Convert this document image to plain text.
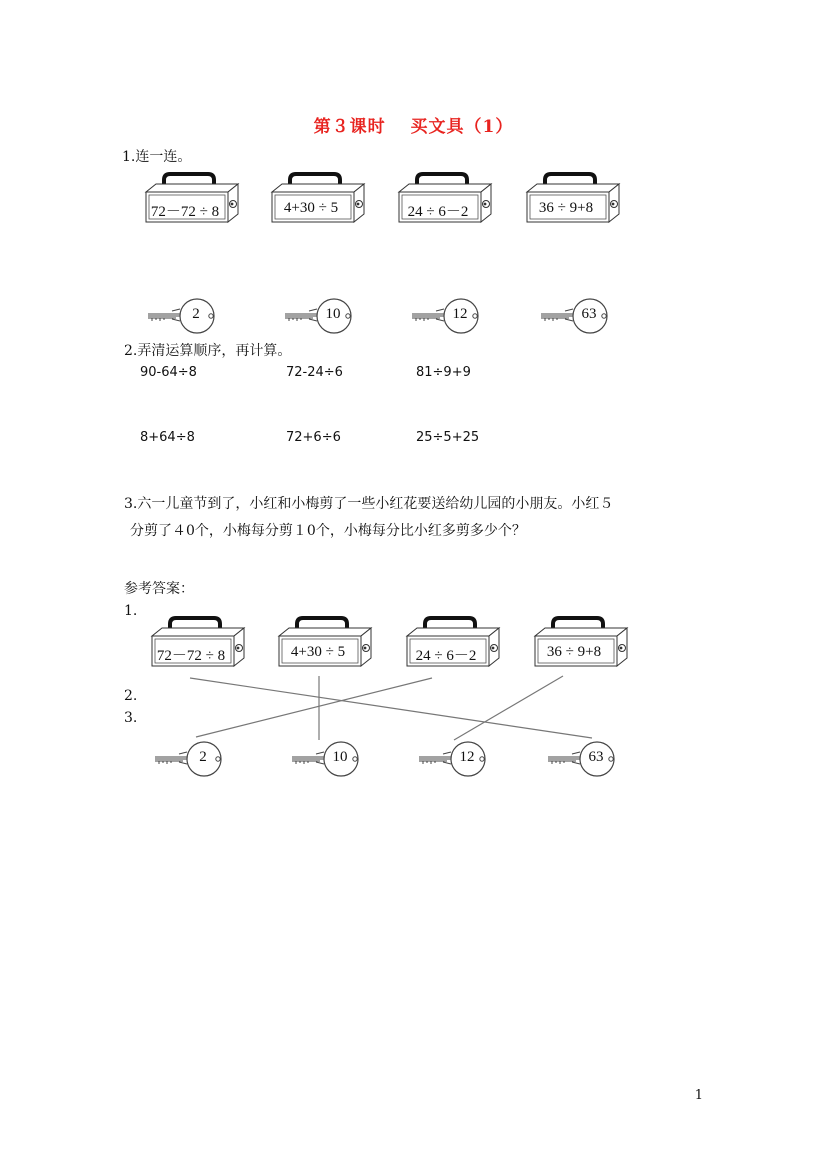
第３课时　 买文具（1）
1.连一连。
72－72 ÷ 8	4+30 ÷ 5	24 ÷ 6－2	36 ÷ 9+8
2	10	12	63
2.弄清运算顺序，再计算。
90-64÷8	72-24÷6	81÷9+9
8+64÷8	72+6÷6	25÷5+25
3.六一儿童节到了，小红和小梅剪了一些小红花要送给幼儿园的小朋友。小红５
分剪了４0个，小梅每分剪１0个，小梅每分比小红多剪多少个？
参考答案：
1.
2.
3.
72－72 ÷ 8	4+30 ÷ 5	24 ÷ 6－2	36 ÷ 9+8
2	10	12	63
1
